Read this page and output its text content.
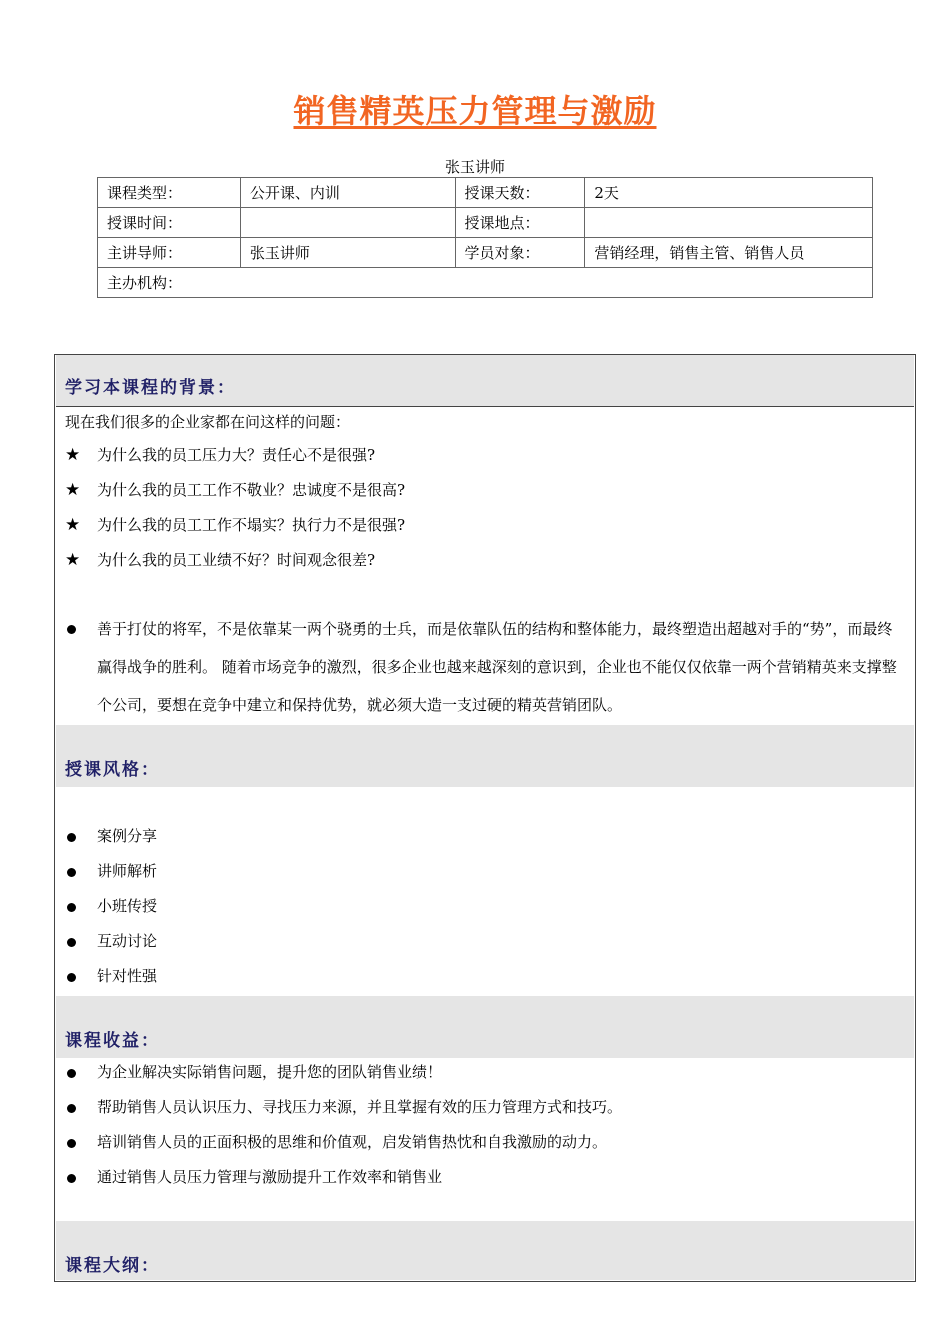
销售精英压力管理与激励
张玉讲师
课程类型：	公开课、内训	授课天数：	2天
授课时间：		授课地点：	
主讲导师：	张玉讲师	学员对象：	营销经理，销售主管、销售人员
主办机构：			
学习本课程的背景：
现在我们很多的企业家都在问这样的问题：
★ 为什么我的员工压力大？责任心不是很强?
★ 为什么我的员工工作不敬业？忠诚度不是很高?
★ 为什么我的员工工作不塌实？执行力不是很强?
★ 为什么我的员工业绩不好？时间观念很差?

善于打仗的将军，不是依靠某一两个骁勇的士兵，而是依靠队伍的结构和整体能力，最终塑造出超越对手的“势”，而最终赢得战争的胜利。 随着市场竞争的激烈，很多企业也越来越深刻的意识到，企业也不能仅仅依靠一两个营销精英来支撑整个公司，要想在竞争中建立和保持优势，就必须大造一支过硬的精英营销团队。

授课风格：
案例分享
讲师解析
小班传授
互动讨论
针对性强
课程收益：
为企业解决实际销售问题，提升您的团队销售业绩！
帮助销售人员认识压力、寻找压力来源，并且掌握有效的压力管理方式和技巧。
培训销售人员的正面积极的思维和价值观，启发销售热忱和自我激励的动力。
通过销售人员压力管理与激励提升工作效率和销售业
课程大纲：
